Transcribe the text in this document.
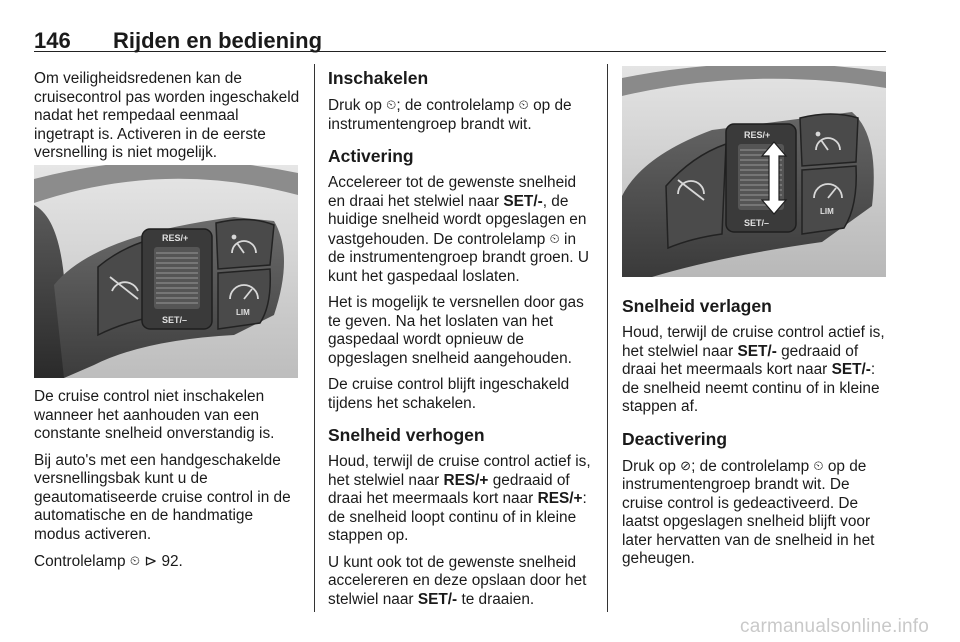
146 Rijden en bediening

Om veiligheidsredenen kan de cruisecontrol pas worden ingeschakeld nadat het rempedaal eenmaal ingetrapt is. Activeren in de eerste versnelling is niet mogelijk.

RES/+
SET/–
LIM

De cruise control niet inschakelen wanneer het aanhouden van een constante snelheid onverstandig is.

Bij auto's met een handgeschakelde versnellingsbak kunt u de geautomatiseerde cruise control in de automatische en de handmatige modus activeren.

Controlelamp ⏲ ⊳ 92.

Inschakelen

Druk op ⏲; de controlelamp ⏲ op de instrumentengroep brandt wit.

Activering

Accelereer tot de gewenste snelheid en draai het stelwiel naar SET/-, de huidige snelheid wordt opgeslagen en vastgehouden. De controlelamp ⏲ in de instrumentengroep brandt groen. U kunt het gaspedaal loslaten.

Het is mogelijk te versnellen door gas te geven. Na het loslaten van het gaspedaal wordt opnieuw de opgeslagen snelheid aangehouden.

De cruise control blijft ingeschakeld tijdens het schakelen.

Snelheid verhogen

Houd, terwijl de cruise control actief is, het stelwiel naar RES/+ gedraaid of draai het meermaals kort naar RES/+: de snelheid loopt continu of in kleine stappen op.

U kunt ook tot de gewenste snelheid accelereren en deze opslaan door het stelwiel naar SET/- te draaien.

RES/+
SET/–
LIM
Snelheid verlagen

Houd, terwijl de cruise control actief is, het stelwiel naar SET/- gedraaid of draai het meermaals kort naar SET/-: de snelheid neemt continu of in kleine stappen af.

Deactivering

Druk op ⊘; de controlelamp ⏲ op de instrumentengroep brandt wit. De cruise control is gedeactiveerd. De laatst opgeslagen snelheid blijft voor later hervatten van de snelheid in het geheugen.

carmanualsonline.info
